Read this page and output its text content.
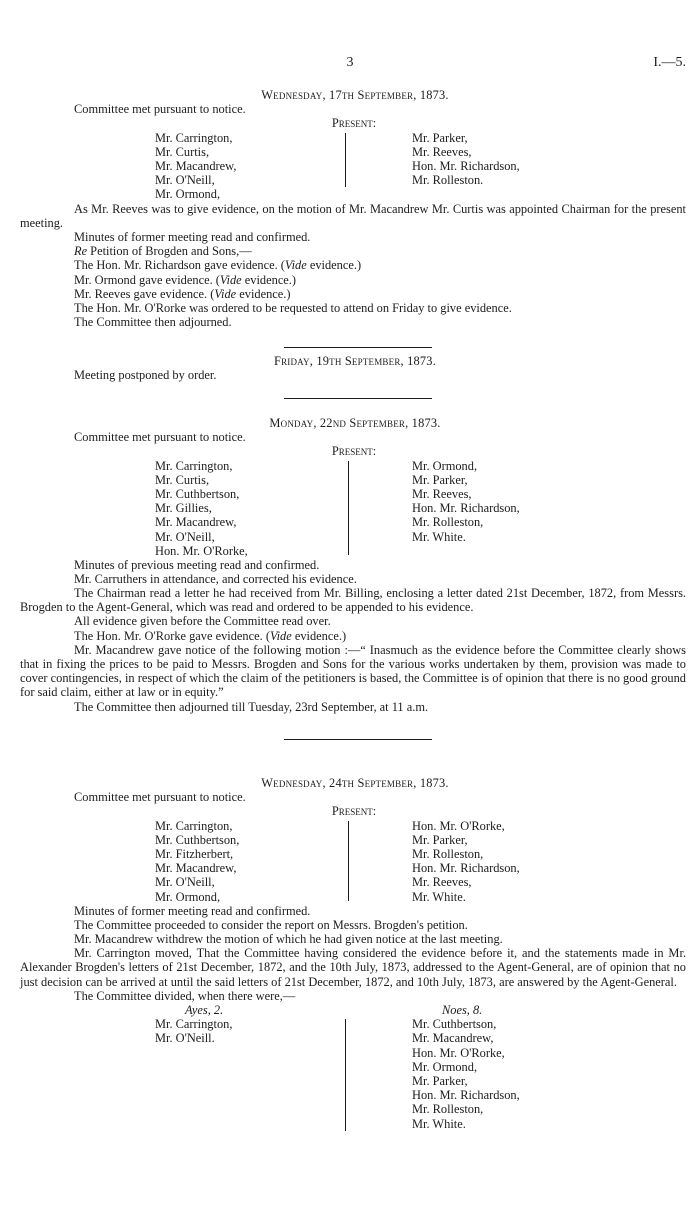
3	I.—5.

Wednesday, 17th September, 1873.

Committee met pursuant to notice.

Present:

Mr. Carrington,
Mr. Curtis,
Mr. Macandrew,
Mr. O'Neill,
Mr. Ormond,
Mr. Parker,
Mr. Reeves,
Hon. Mr. Richardson,
Mr. Rolleston.

As Mr. Reeves was to give evidence, on the motion of Mr. Macandrew Mr. Curtis was appointed Chairman for the present meeting.

Minutes of former meeting read and confirmed.

Re Petition of Brogden and Sons,—

The Hon. Mr. Richardson gave evidence. (Vide evidence.)

Mr. Ormond gave evidence. (Vide evidence.)

Mr. Reeves gave evidence. (Vide evidence.)

The Hon. Mr. O'Rorke was ordered to be requested to attend on Friday to give evidence.

The Committee then adjourned.

Friday, 19th September, 1873.

Meeting postponed by order.

Monday, 22nd September, 1873.

Committee met pursuant to notice.

Present:

Mr. Carrington,
Mr. Curtis,
Mr. Cuthbertson,
Mr. Gillies,
Mr. Macandrew,
Mr. O'Neill,
Hon. Mr. O'Rorke,
Mr. Ormond,
Mr. Parker,
Mr. Reeves,
Hon. Mr. Richardson,
Mr. Rolleston,
Mr. White.

Minutes of previous meeting read and confirmed.

Mr. Carruthers in attendance, and corrected his evidence.

The Chairman read a letter he had received from Mr. Billing, enclosing a letter dated 21st December, 1872, from Messrs. Brogden to the Agent-General, which was read and ordered to be appended to his evidence.

All evidence given before the Committee read over.

The Hon. Mr. O'Rorke gave evidence. (Vide evidence.)

Mr. Macandrew gave notice of the following motion :—“ Inasmuch as the evidence before the Committee clearly shows that in fixing the prices to be paid to Messrs. Brogden and Sons for the various works undertaken by them, provision was made to cover contingencies, in respect of which the claim of the petitioners is based, the Committee is of opinion that there is no good ground for said claim, either at law or in equity.”

The Committee then adjourned till Tuesday, 23rd September, at 11 a.m.

Wednesday, 24th September, 1873.

Committee met pursuant to notice.

Present:

Mr. Carrington,
Mr. Cuthbertson,
Mr. Fitzherbert,
Mr. Macandrew,
Mr. O'Neill,
Mr. Ormond,
Hon. Mr. O'Rorke,
Mr. Parker,
Mr. Rolleston,
Hon. Mr. Richardson,
Mr. Reeves,
Mr. White.

Minutes of former meeting read and confirmed.

The Committee proceeded to consider the report on Messrs. Brogden's petition.

Mr. Macandrew withdrew the motion of which he had given notice at the last meeting.

Mr. Carrington moved, That the Committee having considered the evidence before it, and the statements made in Mr. Alexander Brogden's letters of 21st December, 1872, and the 10th July, 1873, addressed to the Agent-General, are of opinion that no just decision can be arrived at until the said letters of 21st December, 1872, and 10th July, 1873, are answered by the Agent-General.

The Committee divided, when there were,—

Ayes, 2.
Mr. Carrington,
Mr. O'Neill.
Noes, 8.
Mr. Cuthbertson,
Mr. Macandrew,
Hon. Mr. O'Rorke,
Mr. Ormond,
Mr. Parker,
Hon. Mr. Richardson,
Mr. Rolleston,
Mr. White.
